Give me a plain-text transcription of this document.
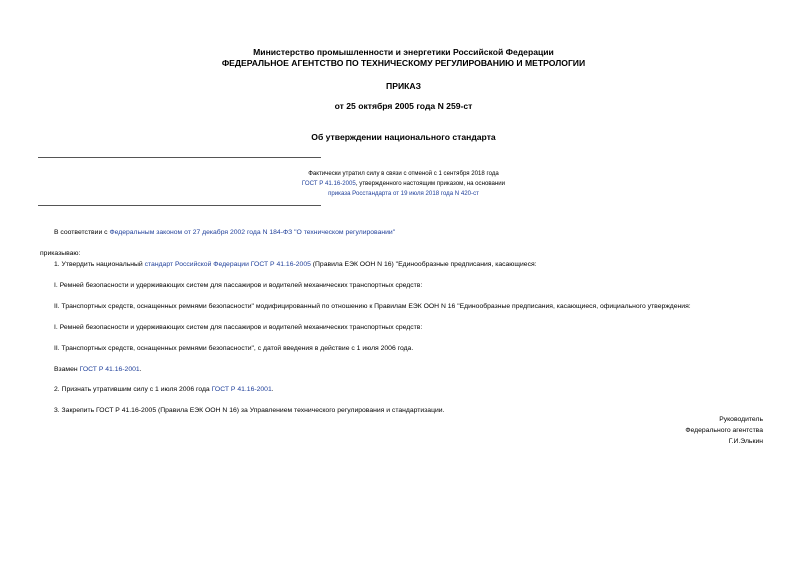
Министерство промышленности и энергетики Российской Федерации
ФЕДЕРАЛЬНОЕ АГЕНТСТВО ПО ТЕХНИЧЕСКОМУ РЕГУЛИРОВАНИЮ И МЕТРОЛОГИИ
ПРИКАЗ
от 25 октября 2005 года N 259-ст
Об утверждении национального стандарта
Фактически утратил силу в связи с отменой с 1 сентября 2018 года
ГОСТ Р 41.16-2005, утвержденного настоящим приказом, на основании
приказа Росстандарта от 19 июля 2018 года N 420-ст
В соответствии с Федеральным законом от 27 декабря 2002 года N 184-ФЗ "О техническом регулировании"
приказываю:
1. Утвердить национальный стандарт Российской Федерации ГОСТ Р 41.16-2005 (Правила ЕЭК ООН N 16) "Единообразные предписания, касающиеся:
I. Ремней безопасности и удерживающих систем для пассажиров и водителей механических транспортных средств:
II. Транспортных средств, оснащенных ремнями безопасности" модифицированный по отношению к Правилам ЕЭК ООН N 16 "Единообразные предписания, касающиеся, официального утверждения:
I. Ремней безопасности и удерживающих систем для пассажиров и водителей механических транспортных средств:
II. Транспортных средств, оснащенных ремнями безопасности", с датой введения в действие с 1 июля 2006 года.
Взамен ГОСТ Р 41.16-2001.
2. Признать утратившим силу с 1 июля 2006 года ГОСТ Р 41.16-2001.
3. Закрепить ГОСТ Р 41.16-2005 (Правила ЕЭК ООН N 16) за Управлением технического регулирования и стандартизации.
Руководитель
Федерального агентства
Г.И.Элькин
